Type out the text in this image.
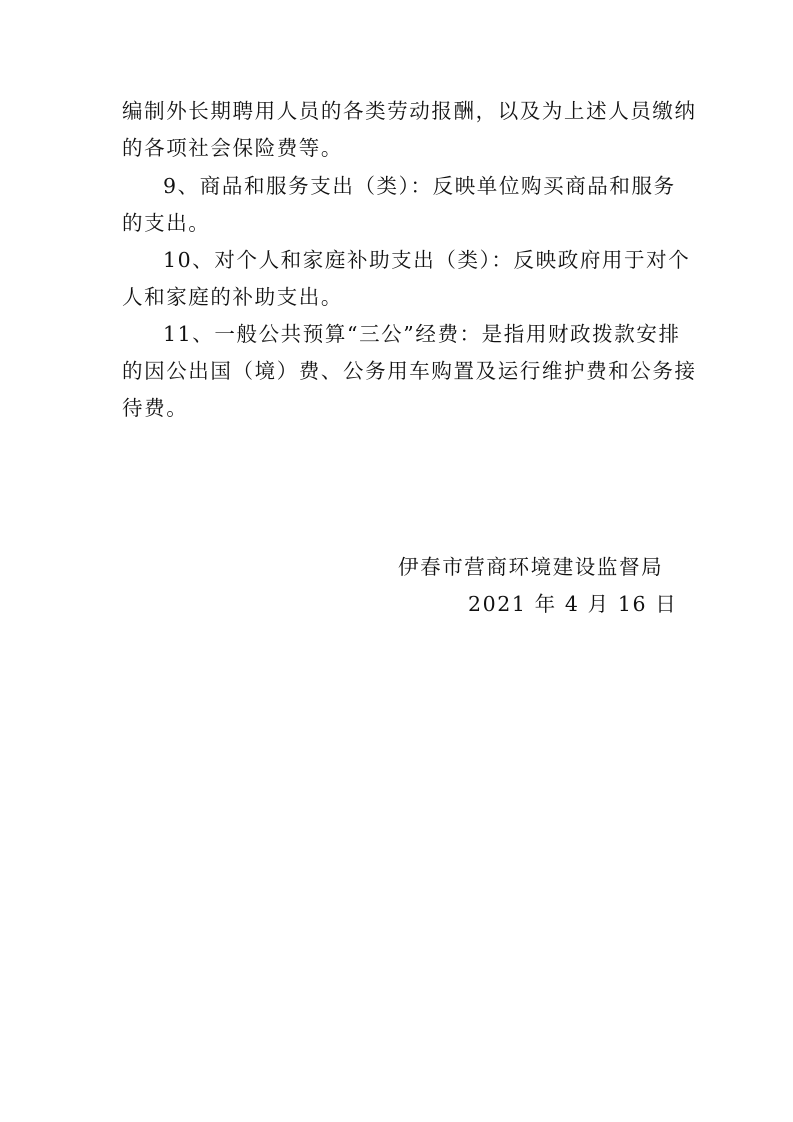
编制外长期聘用人员的各类劳动报酬，以及为上述人员缴纳
的各项社会保险费等。
9、商品和服务支出（类）：反映单位购买商品和服务
的支出。
10、对个人和家庭补助支出（类）：反映政府用于对个
人和家庭的补助支出。
11、一般公共预算“三公”经费：是指用财政拨款安排
的因公出国（境）费、公务用车购置及运行维护费和公务接
待费。
伊春市营商环境建设监督局
2021 年 4 月 16 日
